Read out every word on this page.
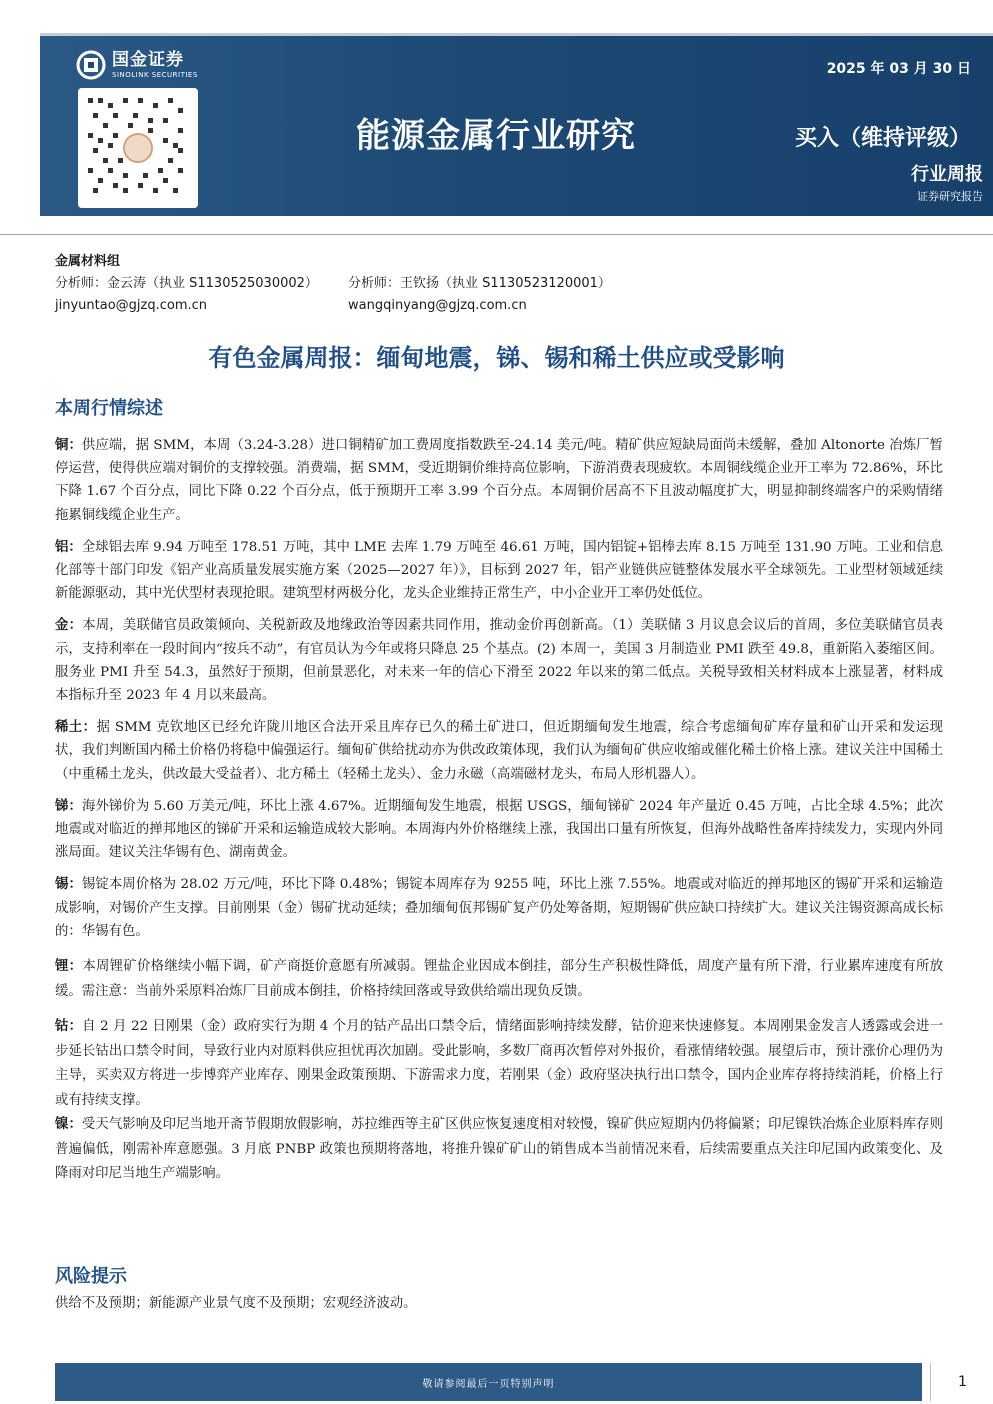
国金证券
SINOLINK SECURITIES	2025 年 03 月 30 日
能源金属行业研究	买入（维持评级）
行业周报
证券研究报告
金属材料组
分析师：金云涛（执业 S1130525030002）	分析师：王钦扬（执业 S1130523120001）
jinyuntao@gjzq.com.cn	wangqinyang@gjzq.com.cn
有色金属周报：缅甸地震，锑、锡和稀土供应或受影响
本周行情综述

铜：供应端，据 SMM，本周（3.24-3.28）进口铜精矿加工费周度指数跌至-24.14 美元/吨。精矿供应短缺局面尚未缓解，叠加 Altonorte 冶炼厂暂停运营，使得供应端对铜价的支撑较强。消费端，据 SMM，受近期铜价维持高位影响，下游消费表现疲软。本周铜线缆企业开工率为 72.86%，环比下降 1.67 个百分点，同比下降 0.22 个百分点，低于预期开工率 3.99 个百分点。本周铜价居高不下且波动幅度扩大，明显抑制终端客户的采购情绪拖累铜线缆企业生产。

铝：全球铝去库 9.94 万吨至 178.51 万吨，其中 LME 去库 1.79 万吨至 46.61 万吨，国内铝锭+铝棒去库 8.15 万吨至 131.90 万吨。工业和信息化部等十部门印发《铝产业高质量发展实施方案（2025—2027 年）》，目标到 2027 年，铝产业链供应链整体发展水平全球领先。工业型材领域延续新能源驱动，其中光伏型材表现抢眼。建筑型材两极分化，龙头企业维持正常生产，中小企业开工率仍处低位。

金：本周，美联储官员政策倾向、关税新政及地缘政治等因素共同作用，推动金价再创新高。（1）美联储 3 月议息会议后的首周，多位美联储官员表示，支持利率在一段时间内“按兵不动”，有官员认为今年或将只降息 25 个基点。(2) 本周一，美国 3 月制造业 PMI 跌至 49.8，重新陷入萎缩区间。服务业 PMI 升至 54.3，虽然好于预期，但前景恶化，对未来一年的信心下滑至 2022 年以来的第二低点。关税导致相关材料成本上涨显著，材料成本指标升至 2023 年 4 月以来最高。

稀土：据 SMM 克钦地区已经允许陇川地区合法开采且库存已久的稀土矿进口，但近期缅甸发生地震，综合考虑缅甸矿库存量和矿山开采和发运现状，我们判断国内稀土价格仍将稳中偏强运行。缅甸矿供给扰动亦为供改政策体现，我们认为缅甸矿供应收缩或催化稀土价格上涨。建议关注中国稀土（中重稀土龙头，供改最大受益者）、北方稀土（轻稀土龙头）、金力永磁（高端磁材龙头，布局人形机器人）。

锑：海外锑价为 5.60 万美元/吨，环比上涨 4.67%。近期缅甸发生地震，根据 USGS，缅甸锑矿 2024 年产量近 0.45 万吨，占比全球 4.5%；此次地震或对临近的掸邦地区的锑矿开采和运输造成较大影响。本周海内外价格继续上涨，我国出口量有所恢复，但海外战略性备库持续发力，实现内外同涨局面。建议关注华锡有色、湖南黄金。

锡：锡锭本周价格为 28.02 万元/吨，环比下降 0.48%；锡锭本周库存为 9255 吨，环比上涨 7.55%。地震或对临近的掸邦地区的锡矿开采和运输造成影响，对锡价产生支撑。目前刚果（金）锡矿扰动延续；叠加缅甸佤邦锡矿复产仍处筹备期，短期锡矿供应缺口持续扩大。建议关注锡资源高成长标的：华锡有色。

锂：本周锂矿价格继续小幅下调，矿产商挺价意愿有所减弱。锂盐企业因成本倒挂，部分生产积极性降低，周度产量有所下滑，行业累库速度有所放缓。需注意：当前外采原料冶炼厂目前成本倒挂，价格持续回落或导致供给端出现负反馈。

钴：自 2 月 22 日刚果（金）政府实行为期 4 个月的钴产品出口禁令后，情绪面影响持续发酵，钴价迎来快速修复。本周刚果金发言人透露或会进一步延长钴出口禁令时间，导致行业内对原料供应担忧再次加剧。受此影响，多数厂商再次暂停对外报价，看涨情绪较强。展望后市，预计涨价心理仍为主导，买卖双方将进一步博弈产业库存、刚果金政策预期、下游需求力度，若刚果（金）政府坚决执行出口禁令，国内企业库存将持续消耗，价格上行或有持续支撑。

镍：受天气影响及印尼当地开斋节假期放假影响，苏拉维西等主矿区供应恢复速度相对较慢，镍矿供应短期内仍将偏紧；印尼镍铁冶炼企业原料库存则普遍偏低，刚需补库意愿强。3 月底 PNBP 政策也预期将落地，将推升镍矿矿山的销售成本当前情况来看，后续需要重点关注印尼国内政策变化、及降雨对印尼当地生产端影响。

风险提示
供给不及预期；新能源产业景气度不及预期；宏观经济波动。
敬请参阅最后一页特别声明	1
